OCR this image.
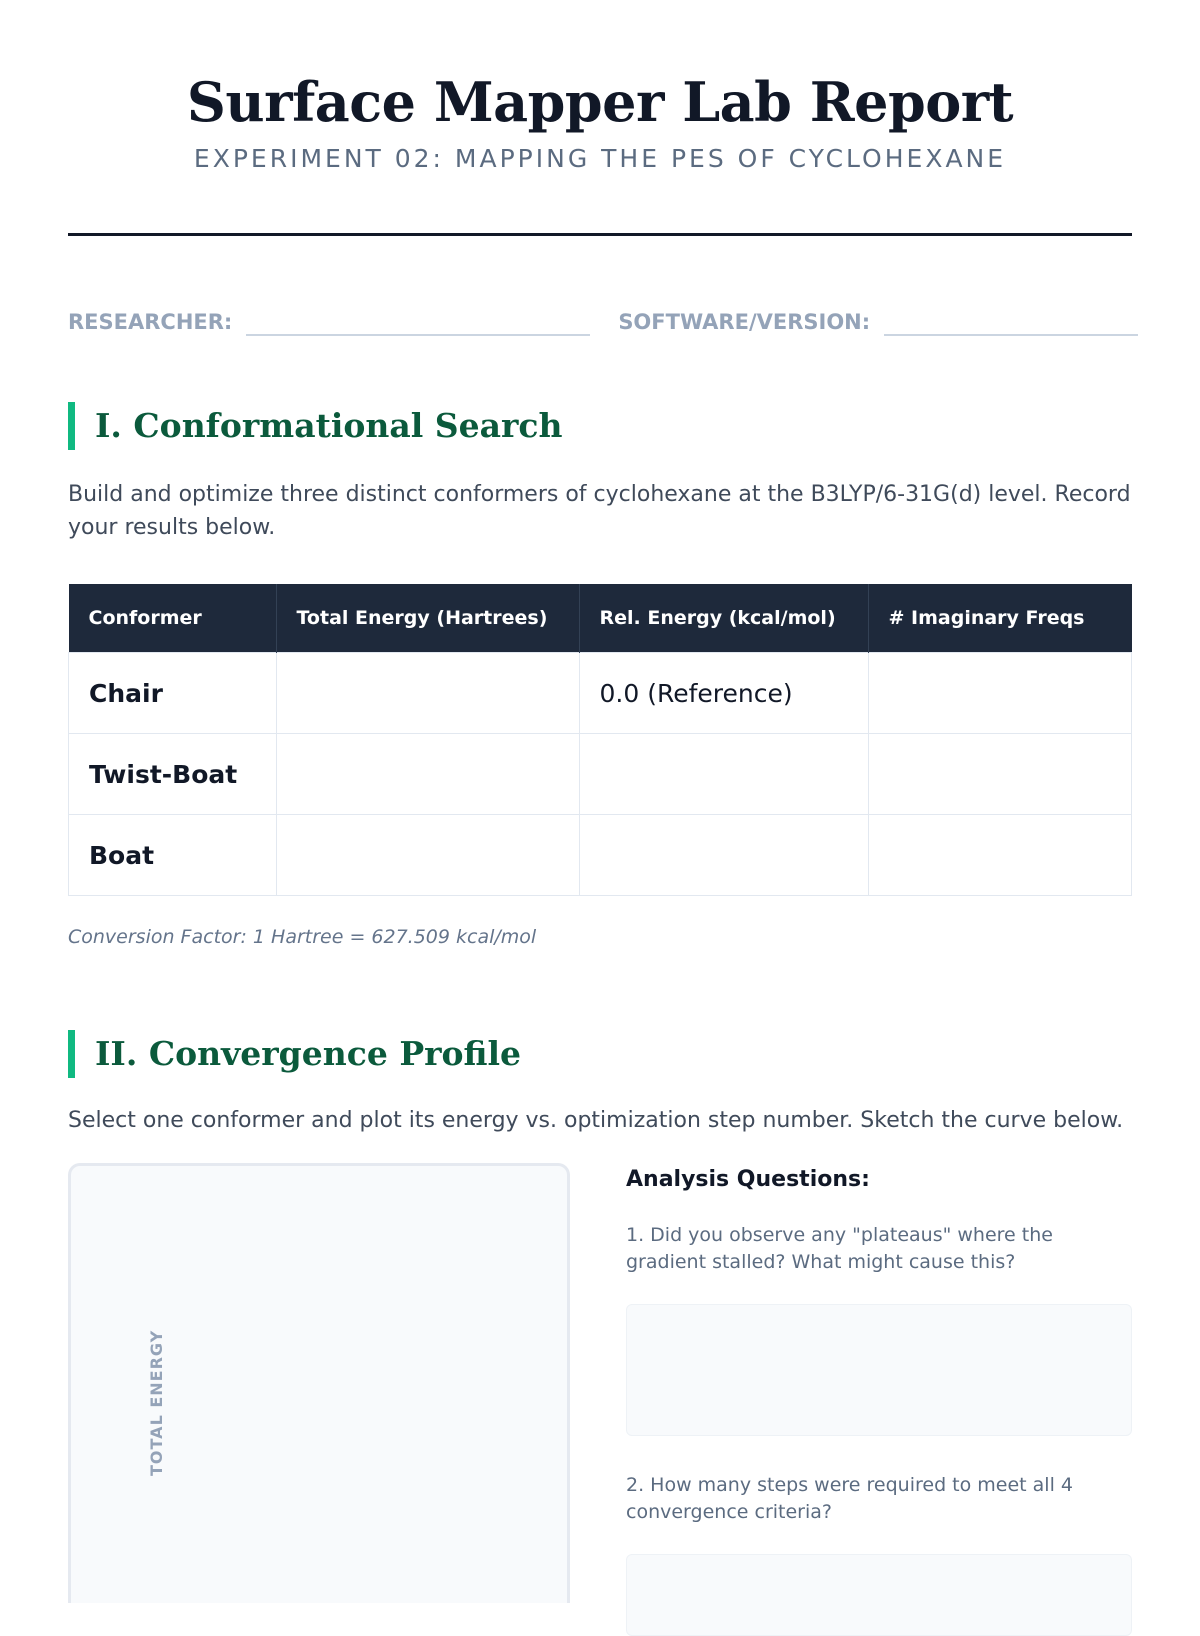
Surface Mapper Lab Report
EXPERIMENT 02: MAPPING THE PES OF CYCLOHEXANE
RESEARCHER:	SOFTWARE/VERSION:
I. Conformational Search

Build and optimize three distinct conformers of cyclohexane at the B3LYP/6-31G(d) level. Record your results below.

Conformer	Total Energy (Hartrees)	Rel. Energy (kcal/mol)	# Imaginary Freqs
Chair		0.0 (Reference)	
Twist-Boat			
Boat			
Conversion Factor: 1 Hartree = 627.509 kcal/mol
II. Convergence Profile

Select one conformer and plot its energy vs. optimization step number. Sketch the curve below.

TOTAL ENERGY
Analysis Questions:

1. Did you observe any "plateaus" where the gradient stalled? What might cause this?

2. How many steps were required to meet all 4 convergence criteria?
